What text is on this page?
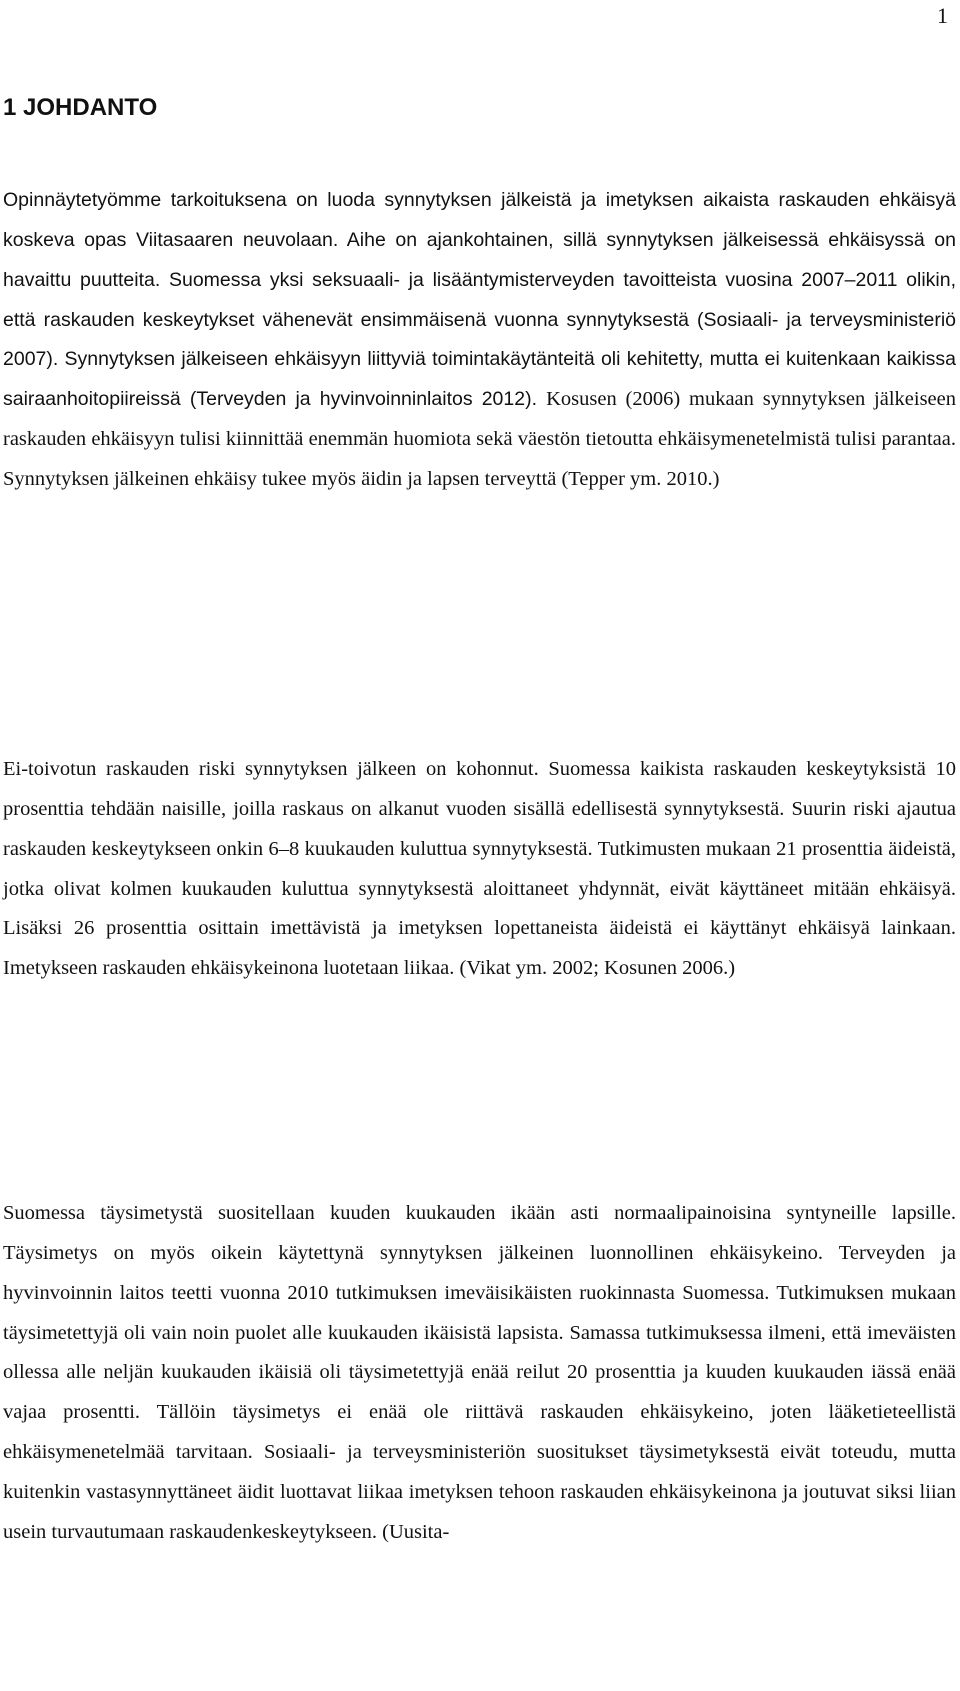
1
1 JOHDANTO

Opinnäytetyömme tarkoituksena on luoda synnytyksen jälkeistä ja imetyksen aikaista raskauden ehkäisyä koskeva opas Viitasaaren neuvolaan. Aihe on ajankohtainen, sillä synnytyksen jälkeisessä ehkäisyssä on havaittu puutteita. Suomessa yksi seksuaali- ja lisääntymisterveyden tavoitteista vuosina 2007–2011 olikin, että raskauden keskeytykset vähenevät ensimmäisenä vuonna synnytyksestä (Sosiaali- ja terveysministeriö 2007). Synnytyksen jälkeiseen ehkäisyyn liittyviä toimintakäytänteitä oli kehitetty, mutta ei kuitenkaan kaikissa sairaanhoitopiireissä (Terveyden ja hyvinvoinninlaitos 2012). Kosusen (2006) mukaan synnytyksen jälkeiseen raskauden ehkäisyyn tulisi kiinnittää enemmän huomiota sekä väestön tietoutta ehkäisymenetelmistä tulisi parantaa. Synnytyksen jälkeinen ehkäisy tukee myös äidin ja lapsen terveyttä (Tepper ym. 2010.)

Ei-toivotun raskauden riski synnytyksen jälkeen on kohonnut. Suomessa kaikista raskauden keskeytyksistä 10 prosenttia tehdään naisille, joilla raskaus on alkanut vuoden sisällä edellisestä synnytyksestä. Suurin riski ajautua raskauden keskeytykseen onkin 6–8 kuukauden kuluttua synnytyksestä. Tutkimusten mukaan 21 prosenttia äideistä, jotka olivat kolmen kuukauden kuluttua synnytyksestä aloittaneet yhdynnät, eivät käyttäneet mitään ehkäisyä. Lisäksi 26 prosenttia osittain imettävistä ja imetyksen lopettaneista äideistä ei käyttänyt ehkäisyä lainkaan. Imetykseen raskauden ehkäisykeinona luotetaan liikaa. (Vikat ym. 2002; Kosunen 2006.)

Suomessa täysimetystä suositellaan kuuden kuukauden ikään asti normaalipainoisina syntyneille lapsille. Täysimetys on myös oikein käytettynä synnytyksen jälkeinen luonnollinen ehkäisykeino. Terveyden ja hyvinvoinnin laitos teetti vuonna 2010 tutkimuksen imeväisikäisten ruokinnasta Suomessa. Tutkimuksen mukaan täysimetettyjä oli vain noin puolet alle kuukauden ikäisistä lapsista. Samassa tutkimuksessa ilmeni, että imeväisten ollessa alle neljän kuukauden ikäisiä oli täysimetettyjä enää reilut 20 prosenttia ja kuuden kuukauden iässä enää vajaa prosentti. Tällöin täysimetys ei enää ole riittävä raskauden ehkäisykeino, joten lääketieteellistä ehkäisymenetelmää tarvitaan. Sosiaali- ja terveysministeriön suositukset täysimetyksestä eivät toteudu, mutta kuitenkin vastasynnyttäneet äidit luottavat liikaa imetyksen tehoon raskauden ehkäisykeinona ja joutuvat siksi liian usein turvautumaan raskaudenkeskeytykseen. (Uusita-
